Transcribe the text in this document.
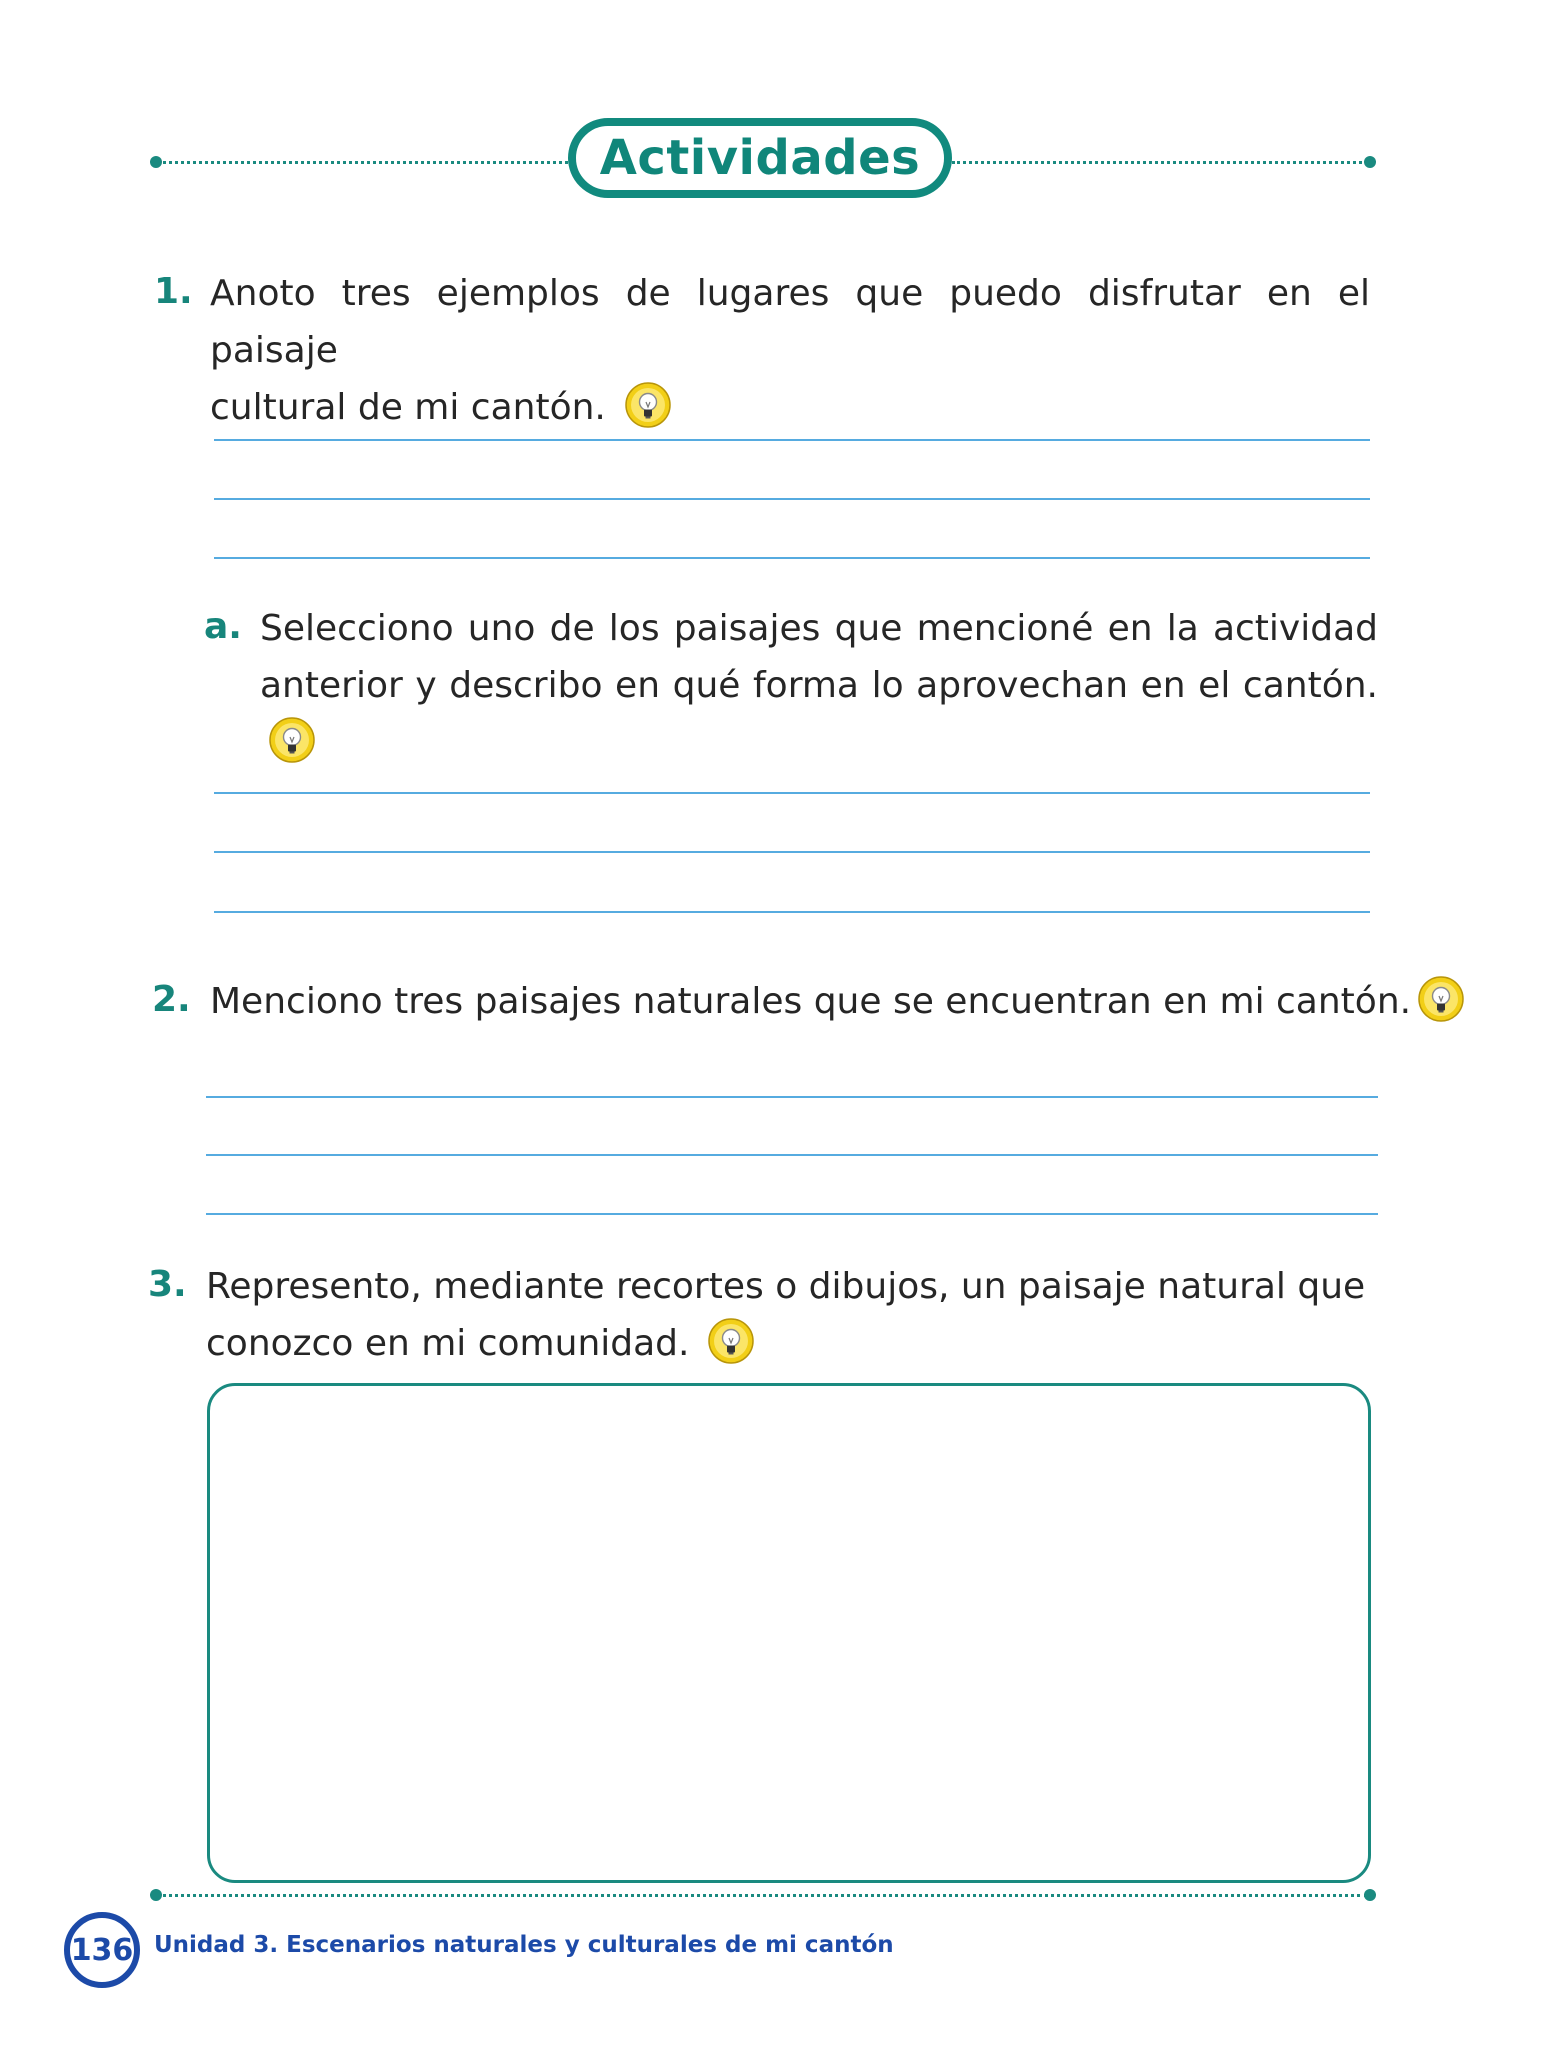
Actividades
1. Anoto tres ejemplos de lugares que puedo disfrutar en el paisaje
cultural de mi cantón.
a. Selecciono uno de los paisajes que mencioné en la actividad
anterior y describo en qué forma lo aprovechan en el cantón.
2. Menciono tres paisajes naturales que se encuentran en mi cantón.
3. Represento, mediante recortes o dibujos, un paisaje natural que
conozco en mi comunidad.
136 Unidad 3. Escenarios naturales y culturales de mi cantón
